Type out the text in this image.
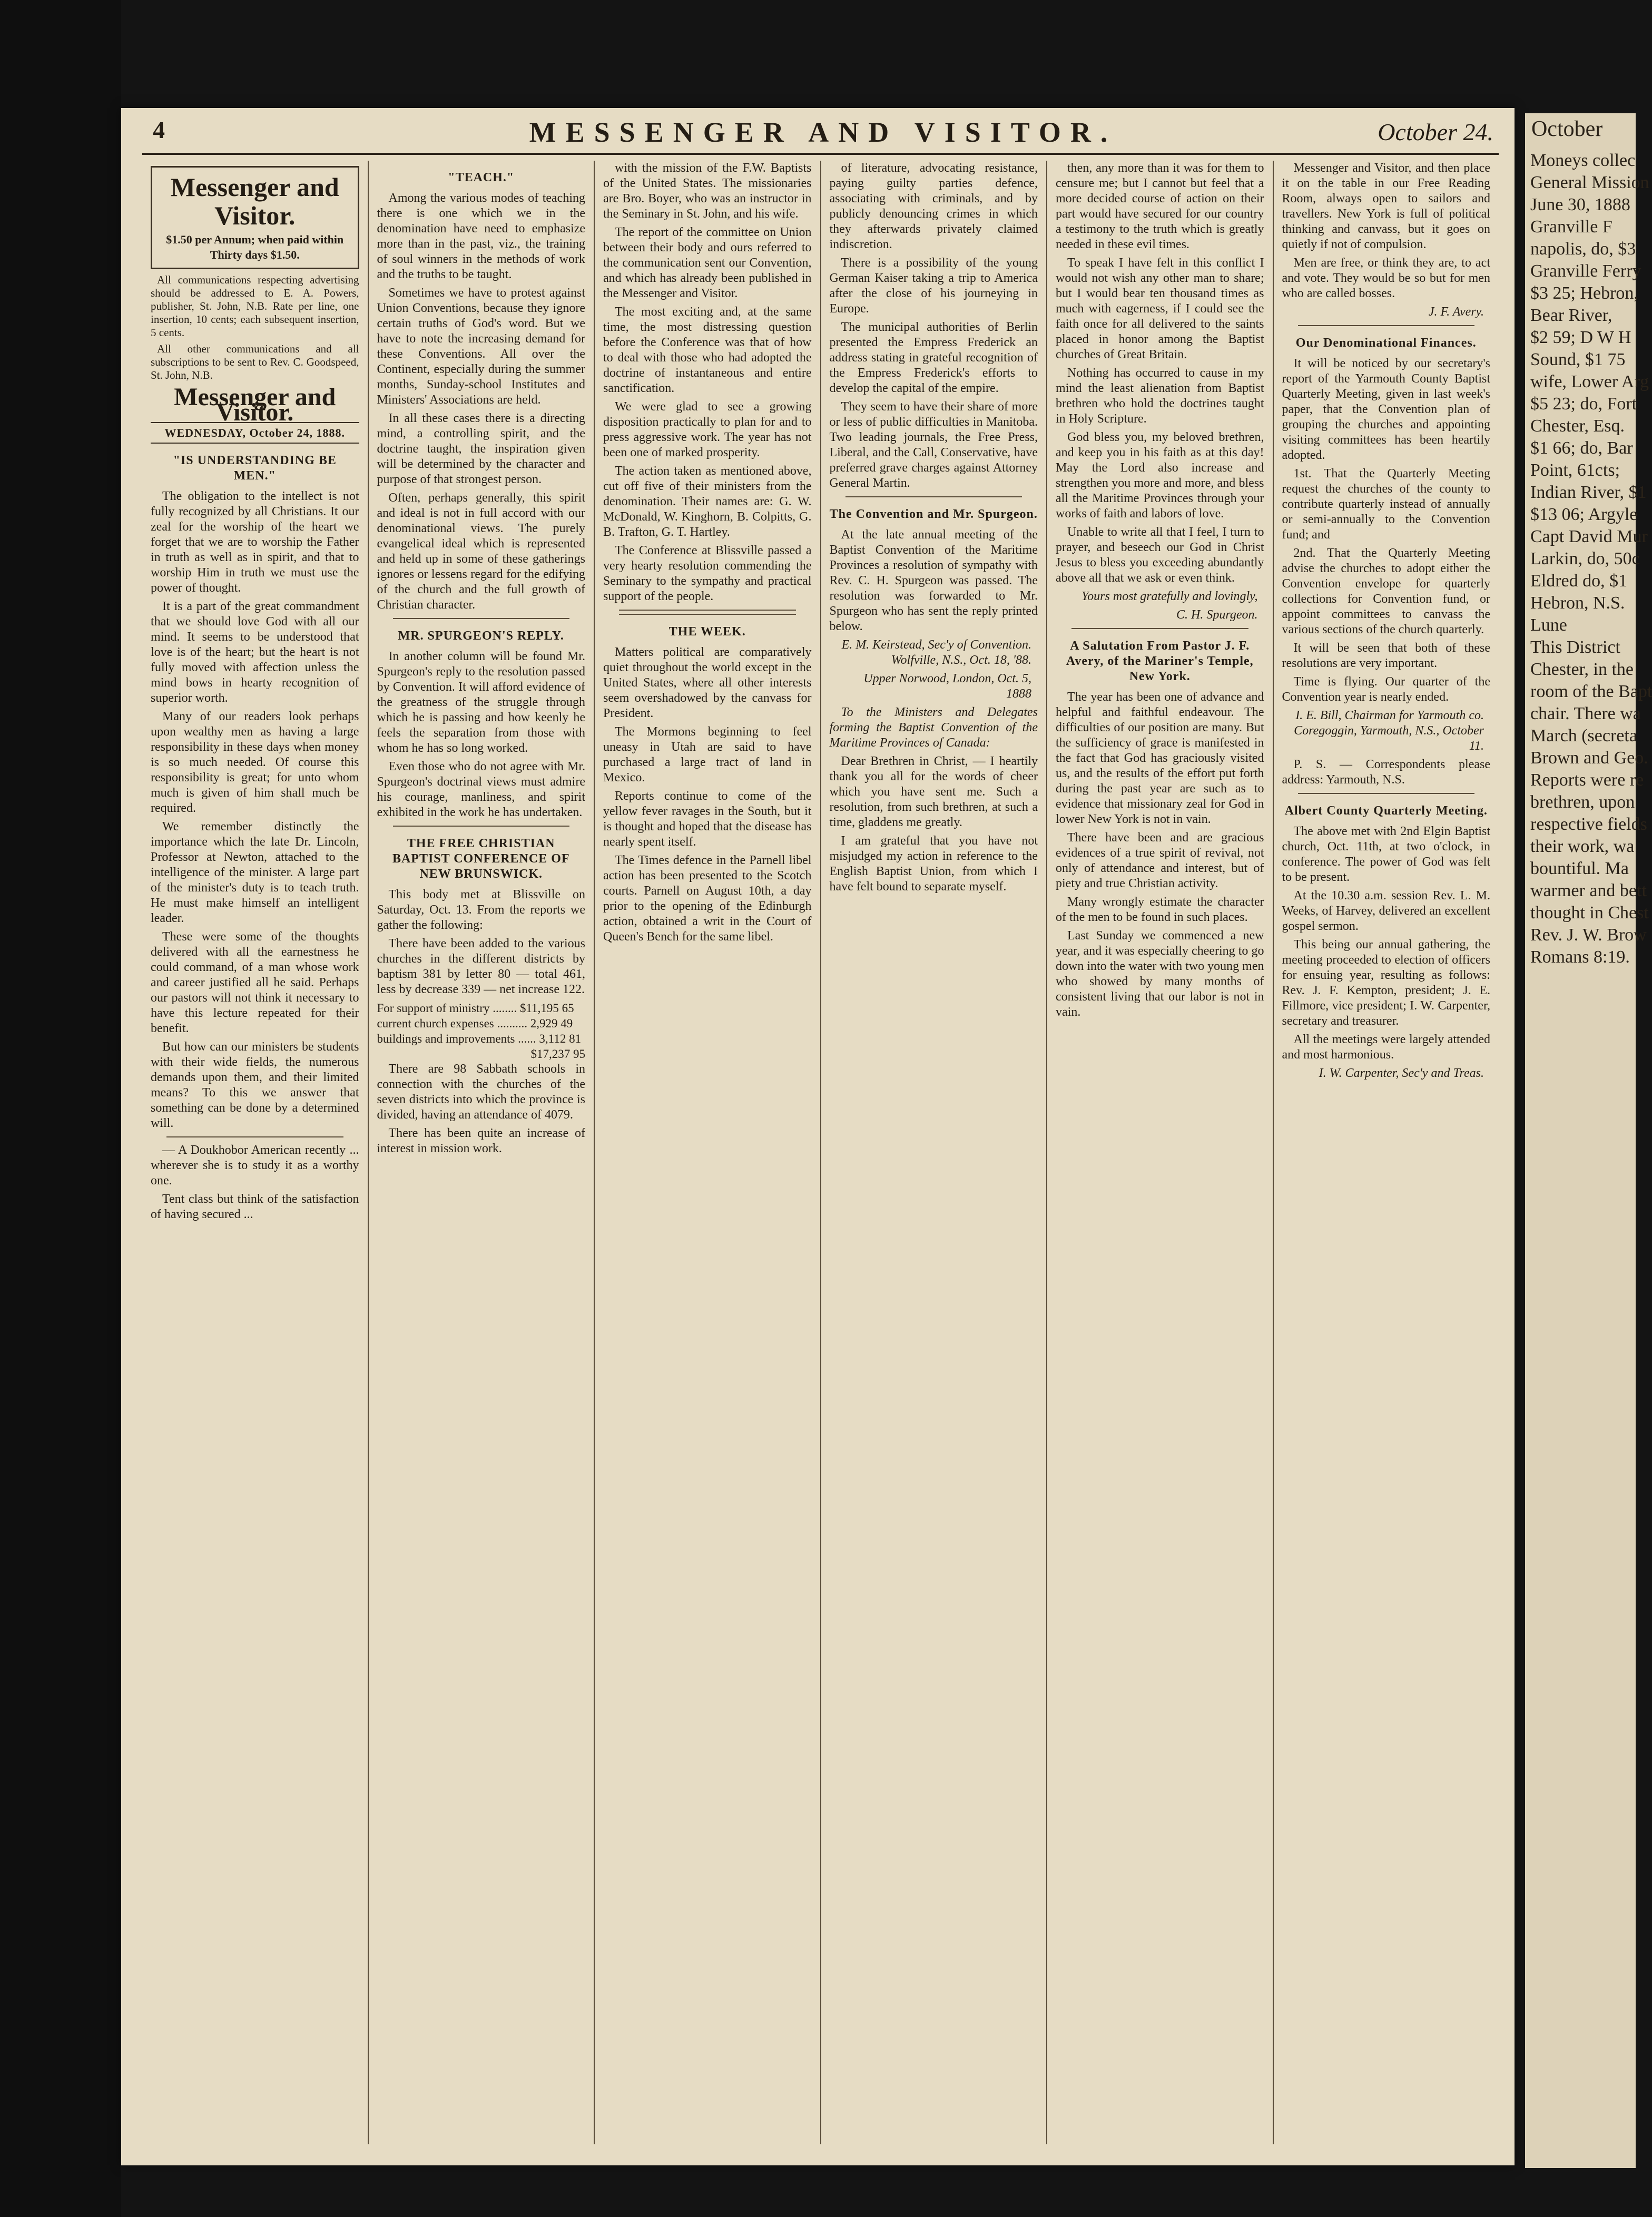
4	MESSENGER AND VISITOR.	October 24.
Messenger and Visitor.
$1.50 per Annum; when paid within Thirty days $1.50.

All communications respecting advertising should be addressed to E. A. Powers, publisher, St. John, N.B. Rate per line, one insertion, 10 cents; each subsequent insertion, 5 cents.

All other communications and all subscriptions to be sent to Rev. C. Goodspeed, St. John, N.B.

Messenger and Visitor.
WEDNESDAY, October 24, 1888.
"IS UNDERSTANDING BE MEN."

The obligation to the intellect is not fully recognized by all Christians. It our zeal for the worship of the heart we forget that we are to worship the Father in truth as well as in spirit, and that to worship Him in truth we must use the power of thought.

It is a part of the great commandment that we should love God with all our mind. It seems to be understood that love is of the heart; but the heart is not fully moved with affection unless the mind bows in hearty recognition of superior worth.

Many of our readers look perhaps upon wealthy men as having a large responsibility in these days when money is so much needed. Of course this responsibility is great; for unto whom much is given of him shall much be required.

We remember distinctly the importance which the late Dr. Lincoln, Professor at Newton, attached to the intelligence of the minister. A large part of the minister's duty is to teach truth. He must make himself an intelligent leader.

These were some of the thoughts delivered with all the earnestness he could command, of a man whose work and career justified all he said. Perhaps our pastors will not think it necessary to have this lecture repeated for their benefit.

But how can our ministers be students with their wide fields, the numerous demands upon them, and their limited means? To this we answer that something can be done by a determined will.

— A Doukhobor American recently ... wherever she is to study it as a worthy one.

Tent class but think of the satisfaction of having secured ...

"TEACH."

Among the various modes of teaching there is one which we in the denomination have need to emphasize more than in the past, viz., the training of soul winners in the methods of work and the truths to be taught.

Sometimes we have to protest against Union Conventions, because they ignore certain truths of God's word. But we have to note the increasing demand for these Conventions. All over the Continent, especially during the summer months, Sunday-school Institutes and Ministers' Associations are held.

In all these cases there is a directing mind, a controlling spirit, and the doctrine taught, the inspiration given will be determined by the character and purpose of that strongest person.

Often, perhaps generally, this spirit and ideal is not in full accord with our denominational views. The purely evangelical ideal which is represented and held up in some of these gatherings ignores or lessens regard for the edifying of the church and the full growth of Christian character.

MR. SPURGEON'S REPLY.

In another column will be found Mr. Spurgeon's reply to the resolution passed by Convention. It will afford evidence of the greatness of the struggle through which he is passing and how keenly he feels the separation from those with whom he has so long worked.

Even those who do not agree with Mr. Spurgeon's doctrinal views must admire his courage, manliness, and spirit exhibited in the work he has undertaken.

THE FREE CHRISTIAN BAPTIST CONFERENCE OF NEW BRUNSWICK.

This body met at Blissville on Saturday, Oct. 13. From the reports we gather the following:

There have been added to the various churches in the different districts by baptism 381 by letter 80 — total 461, less by decrease 339 — net increase 122.

For support of ministry ........ $11,195 65

current church expenses .......... 2,929 49

buildings and improvements ...... 3,112 81

$17,237 95

There are 98 Sabbath schools in connection with the churches of the seven districts into which the province is divided, having an attendance of 4079.

There has been quite an increase of interest in mission work.

with the mission of the F.W. Baptists of the United States. The missionaries are Bro. Boyer, who was an instructor in the Seminary in St. John, and his wife.

The report of the committee on Union between their body and ours referred to the communication sent our Convention, and which has already been published in the Messenger and Visitor.

The most exciting and, at the same time, the most distressing question before the Conference was that of how to deal with those who had adopted the doctrine of instantaneous and entire sanctification.

We were glad to see a growing disposition practically to plan for and to press aggressive work. The year has not been one of marked prosperity.

The action taken as mentioned above, cut off five of their ministers from the denomination. Their names are: G. W. McDonald, W. Kinghorn, B. Colpitts, G. B. Trafton, G. T. Hartley.

The Conference at Blissville passed a very hearty resolution commending the Seminary to the sympathy and practical support of the people.

THE WEEK.

Matters political are comparatively quiet throughout the world except in the United States, where all other interests seem overshadowed by the canvass for President.

The Mormons beginning to feel uneasy in Utah are said to have purchased a large tract of land in Mexico.

Reports continue to come of the yellow fever ravages in the South, but it is thought and hoped that the disease has nearly spent itself.

The Times defence in the Parnell libel action has been presented to the Scotch courts. Parnell on August 10th, a day prior to the opening of the Edinburgh action, obtained a writ in the Court of Queen's Bench for the same libel.

of literature, advocating resistance, paying guilty parties defence, associating with criminals, and by publicly denouncing crimes in which they afterwards privately claimed indiscretion.

There is a possibility of the young German Kaiser taking a trip to America after the close of his journeying in Europe.

The municipal authorities of Berlin presented the Empress Frederick an address stating in grateful recognition of the Empress Frederick's efforts to develop the capital of the empire.

They seem to have their share of more or less of public difficulties in Manitoba. Two leading journals, the Free Press, Liberal, and the Call, Conservative, have preferred grave charges against Attorney General Martin.

The Convention and Mr. Spurgeon.

At the late annual meeting of the Baptist Convention of the Maritime Provinces a resolution of sympathy with Rev. C. H. Spurgeon was passed. The resolution was forwarded to Mr. Spurgeon who has sent the reply printed below.

E. M. Keirstead, Sec'y of Convention. Wolfville, N.S., Oct. 18, '88.

Upper Norwood, London, Oct. 5, 1888

To the Ministers and Delegates forming the Baptist Convention of the Maritime Provinces of Canada:

Dear Brethren in Christ, — I heartily thank you all for the words of cheer which you have sent me. Such a resolution, from such brethren, at such a time, gladdens me greatly.

I am grateful that you have not misjudged my action in reference to the English Baptist Union, from which I have felt bound to separate myself.

then, any more than it was for them to censure me; but I cannot but feel that a more decided course of action on their part would have secured for our country a testimony to the truth which is greatly needed in these evil times.

To speak I have felt in this conflict I would not wish any other man to share; but I would bear ten thousand times as much with eagerness, if I could see the faith once for all delivered to the saints placed in honor among the Baptist churches of Great Britain.

Nothing has occurred to cause in my mind the least alienation from Baptist brethren who hold the doctrines taught in Holy Scripture.

God bless you, my beloved brethren, and keep you in his faith as at this day! May the Lord also increase and strengthen you more and more, and bless all the Maritime Provinces through your works of faith and labors of love.

Unable to write all that I feel, I turn to prayer, and beseech our God in Christ Jesus to bless you exceeding abundantly above all that we ask or even think.

Yours most gratefully and lovingly,

C. H. Spurgeon.

A Salutation From Pastor J. F. Avery, of the Mariner's Temple, New York.

The year has been one of advance and helpful and faithful endeavour. The difficulties of our position are many. But the sufficiency of grace is manifested in the fact that God has graciously visited us, and the results of the effort put forth during the past year are such as to evidence that missionary zeal for God in lower New York is not in vain.

There have been and are gracious evidences of a true spirit of revival, not only of attendance and interest, but of piety and true Christian activity.

Many wrongly estimate the character of the men to be found in such places.

Last Sunday we commenced a new year, and it was especially cheering to go down into the water with two young men who showed by many months of consistent living that our labor is not in vain.

Messenger and Visitor, and then place it on the table in our Free Reading Room, always open to sailors and travellers. New York is full of political thinking and canvass, but it goes on quietly if not of compulsion.

Men are free, or think they are, to act and vote. They would be so but for men who are called bosses.

J. F. Avery.

Our Denominational Finances.

It will be noticed by our secretary's report of the Yarmouth County Baptist Quarterly Meeting, given in last week's paper, that the Convention plan of grouping the churches and appointing visiting committees has been heartily adopted.

1st. That the Quarterly Meeting request the churches of the county to contribute quarterly instead of annually or semi-annually to the Convention fund; and

2nd. That the Quarterly Meeting advise the churches to adopt either the Convention envelope for quarterly collections for Convention fund, or appoint committees to canvass the various sections of the church quarterly.

It will be seen that both of these resolutions are very important.

Time is flying. Our quarter of the Convention year is nearly ended.

I. E. Bill, Chairman for Yarmouth co. Coregoggin, Yarmouth, N.S., October 11.

P. S. — Correspondents please address: Yarmouth, N.S.

Albert County Quarterly Meeting.

The above met with 2nd Elgin Baptist church, Oct. 11th, at two o'clock, in conference. The power of God was felt to be present.

At the 10.30 a.m. session Rev. L. M. Weeks, of Harvey, delivered an excellent gospel sermon.

This being our annual gathering, the meeting proceeded to election of officers for ensuing year, resulting as follows: Rev. J. F. Kempton, president; J. E. Fillmore, vice president; I. W. Carpenter, secretary and treasurer.

All the meetings were largely attended and most harmonious.

I. W. Carpenter, Sec'y and Treas.

October

Moneys collec

General Mission

June 30, 1888

Granville F

napolis, do, $3

Granville Ferry

$3 25; Hebron,

Bear River,

$2 59; D W H

Sound, $1 75

wife, Lower Arg

$5 23; do, Fort

Chester, Esq.

$1 66; do, Bar

Point, 61cts;

Indian River, $1

$13 06; Argyle

Capt David Mur

Larkin, do, 50c

Eldred do, $1

Hebron, N.S.

Lune

This District

Chester, in the

room of the Bapt

chair. There wa

March (secreta

Brown and Geo.

Reports were re

brethren, upon

respective fields

their work, wa

bountiful. Ma

warmer and bett

thought in Chest

Rev. J. W. Brow

Romans 8:19.
